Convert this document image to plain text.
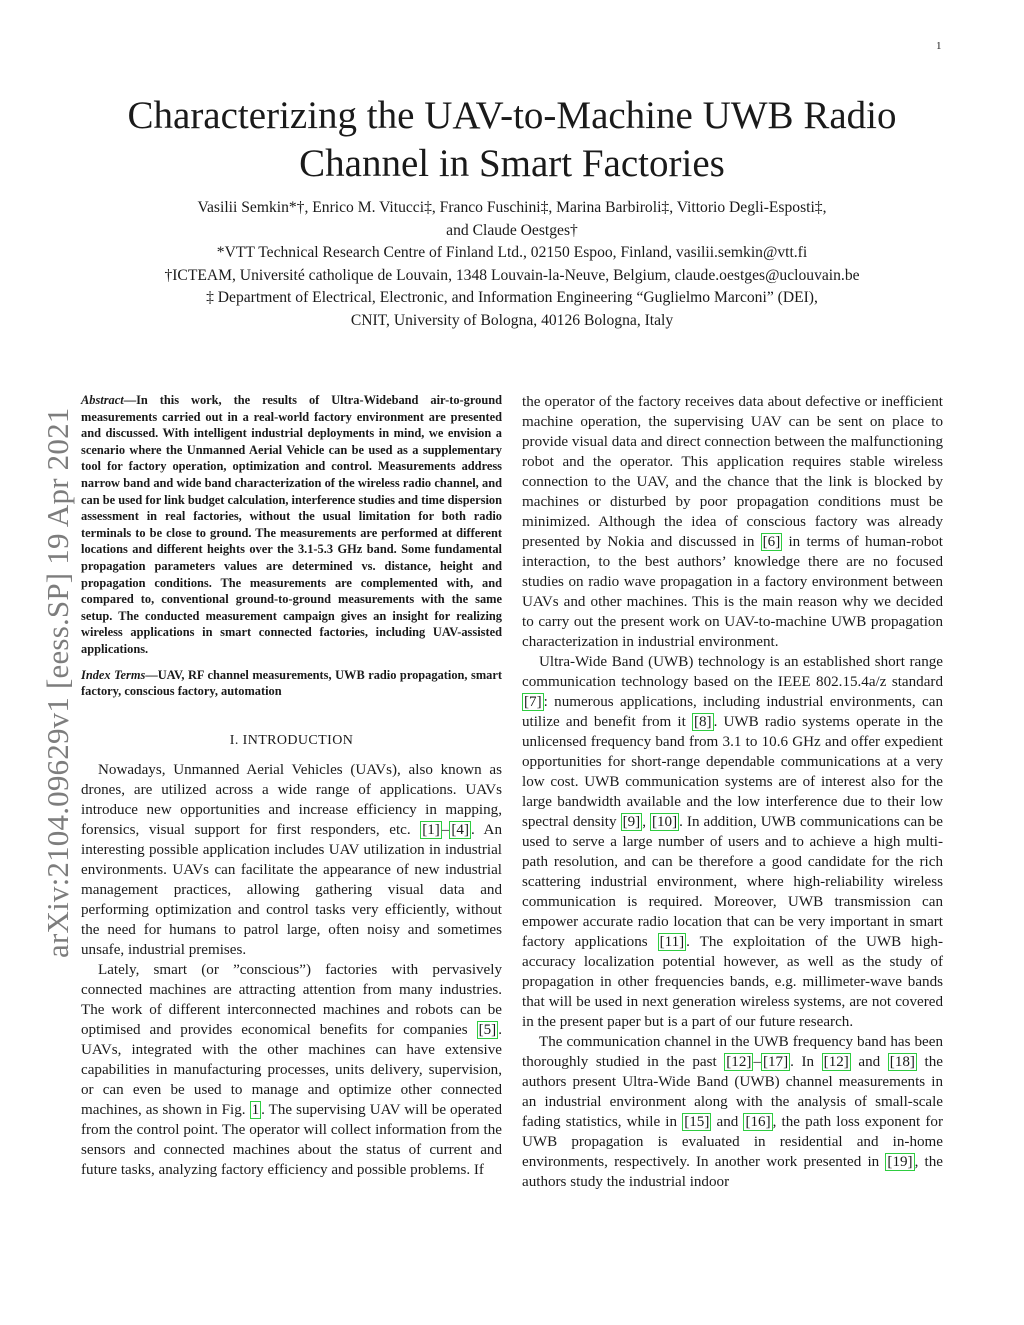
1
arXiv:2104.09629v1 [eess.SP] 19 Apr 2021
Characterizing the UAV-to-Machine UWB Radio Channel in Smart Factories
Vasilii Semkin*†, Enrico M. Vitucci‡, Franco Fuschini‡, Marina Barbiroli‡, Vittorio Degli-Esposti‡,
and Claude Oestges†
*VTT Technical Research Centre of Finland Ltd., 02150 Espoo, Finland, vasilii.semkin@vtt.fi
†ICTEAM, Université catholique de Louvain, 1348 Louvain-la-Neuve, Belgium, claude.oestges@uclouvain.be
‡ Department of Electrical, Electronic, and Information Engineering “Guglielmo Marconi” (DEI),
CNIT, University of Bologna, 40126 Bologna, Italy

Abstract—In this work, the results of Ultra-Wideband air-to-ground measurements carried out in a real-world factory environment are presented and discussed. With intelligent industrial deployments in mind, we envision a scenario where the Unmanned Aerial Vehicle can be used as a supplementary tool for factory operation, optimization and control. Measurements address narrow band and wide band characterization of the wireless radio channel, and can be used for link budget calculation, interference studies and time dispersion assessment in real factories, without the usual limitation for both radio terminals to be close to ground. The measurements are performed at different locations and different heights over the 3.1-5.3 GHz band. Some fundamental propagation parameters values are determined vs. distance, height and propagation conditions. The measurements are complemented with, and compared to, conventional ground-to-ground measurements with the same setup. The conducted measurement campaign gives an insight for realizing wireless applications in smart connected factories, including UAV-assisted applications.

Index Terms—UAV, RF channel measurements, UWB radio propagation, smart factory, conscious factory, automation

I. INTRODUCTION

Nowadays, Unmanned Aerial Vehicles (UAVs), also known as drones, are utilized across a wide range of applications. UAVs introduce new opportunities and increase efficiency in mapping, forensics, visual support for first responders, etc. [1] – [4] . An interesting possible application includes UAV utilization in industrial environments. UAVs can facilitate the appearance of new industrial management practices, allowing gathering visual data and performing optimization and control tasks very efficiently, without the need for humans to patrol large, often noisy and sometimes unsafe, industrial premises.

Lately, smart (or ”conscious”) factories with pervasively connected machines are attracting attention from many industries. The work of different interconnected machines and robots can be optimised and provides economical benefits for companies [5] . UAVs, integrated with the other machines can have extensive capabilities in manufacturing processes, units delivery, supervision, or can even be used to manage and optimize other connected machines, as shown in Fig. 1 . The supervising UAV will be operated from the control point. The operator will collect information from the sensors and connected machines about the status of current and future tasks, analyzing factory efficiency and possible problems. If

the operator of the factory receives data about defective or inefficient machine operation, the supervising UAV can be sent on place to provide visual data and direct connection between the malfunctioning robot and the operator. This application requires stable wireless connection to the UAV, and the chance that the link is blocked by machines or disturbed by poor propagation conditions must be minimized. Although the idea of conscious factory was already presented by Nokia and discussed in [6] in terms of human-robot interaction, to the best authors’ knowledge there are no focused studies on radio wave propagation in a factory environment between UAVs and other machines. This is the main reason why we decided to carry out the present work on UAV-to-machine UWB propagation characterization in industrial environment.

Ultra-Wide Band (UWB) technology is an established short range communication technology based on the IEEE 802.15.4a/z standard [7] : numerous applications, including industrial environments, can utilize and benefit from it [8] . UWB radio systems operate in the unlicensed frequency band from 3.1 to 10.6 GHz and offer expedient opportunities for short-range dependable communications at a very low cost. UWB communication systems are of interest also for the large bandwidth available and the low interference due to their low spectral density [9] , [10] . In addition, UWB communications can be used to serve a large number of users and to achieve a high multi-path resolution, and can be therefore a good candidate for the rich scattering industrial environment, where high-reliability wireless communication is required. Moreover, UWB transmission can empower accurate radio location that can be very important in smart factory applications [11] . The exploitation of the UWB high-accuracy localization potential however, as well as the study of propagation in other frequencies bands, e.g. millimeter-wave bands that will be used in next generation wireless systems, are not covered in the present paper but is a part of our future research.

The communication channel in the UWB frequency band has been thoroughly studied in the past [12] – [17] . In [12] and [18] the authors present Ultra-Wide Band (UWB) channel measurements in an industrial environment along with the analysis of small-scale fading statistics, while in [15] and [16] , the path loss exponent for UWB propagation is evaluated in residential and in-home environments, respectively. In another work presented in [19] , the authors study the industrial indoor
